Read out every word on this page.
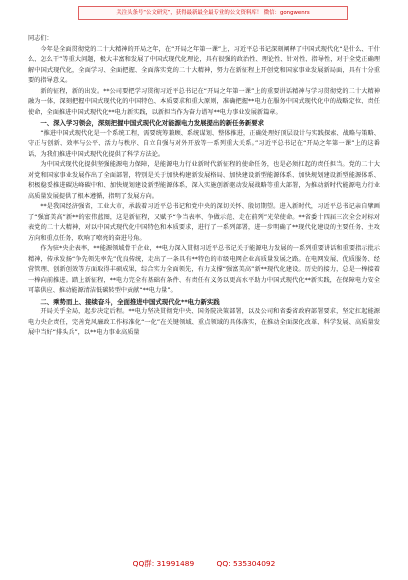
关注头条号“公文研究”，获得最新最全最专业的公文资料库！ 微信：gongwenrs
同志们：
今年是全面贯彻党的二十大精神的开局之年，在“开局之年第一课”上，习近平总书记深刻阐释了中国式现代化“是什么、干什么、怎么干”等重大问题，极大丰富和发展了中国式现代化理论，具有很强的政治性、理论性、针对性、指导性，对于全党正确理解中国式现代化，全面学习、全面把握、全面落实党的二十大精神，努力在新征程上开创党和国家事业发展新局面，具有十分重要的指导意义。
新的征程，新的出发。**公司要把学习贯彻习近平总书记在“开局之年第一课”上的重要讲话精神与学习贯彻党的二十大精神融为一体，深刻把握中国式现代化的中国特色、本质要求和重大原则，准确把握**电力在服务中国式现代化中的战略定位、责任使命，全面推进中国式现代化**电力新实践，以新担当作为奋力谱写**电力事业发展新篇章。
一、深入学习领会，深刻把握中国式现代化对能源电力发展提出的新任务新要求
“推进中国式现代化是一个系统工程，需要统筹兼顾、系统谋划、整体推进，正确处理好顶层设计与实践探索、战略与策略、守正与创新、效率与公平、活力与秩序、自立自强与对外开放等一系列重大关系。”习近平总书记在“开局之年第一课”上的这番话，为我们推进中国式现代化提供了科学方法论。
为中国式现代化提供坚强能源电力保障，是能源电力行业新时代新征程的使命任务，也是必须扛起的责任担当。党的二十大对党和国家事业发展作出了全面部署，特别是关于加快构建新发展格局、加快建设新型能源体系、加快规划建设新型能源体系、积极稳妥推进碳达峰碳中和、加快规划建设新型能源体系，深入实施创新驱动发展战略等重大部署，为推动新时代能源电力行业高质量发展提供了根本遵循，指明了发展方向。
**是我国经济强省，工业大市，承载着习近平总书记和党中央的深切关怀、殷切期望。进入新时代，习近平总书记亲自擘画了“强富美高”新**的宏伟蓝图，这是新征程，又赋予“争当表率、争做示范、走在前列”光荣使命。**省委十四届三次全会对标对表党的二十大精神，对以中国式现代化中国特色和本质要求，进行了一系列部署，进一步明确了**现代化建设的主要任务、主攻方向和重点任务，吹响了嘹亮的奋进号角。
作为驻*央企表率，**能源领域骨干企业，**电力深入贯彻习近平总书记关于能源电力发展的一系列重要讲话和重要指示批示精神，传承发扬“争先领先率先”优良传统，走出了一条具有**特色的市级电网企业高质量发展之路。在电网发展、优质服务、经营管理、创新创效等方面取得丰硕成果，综合实力全面领先，有力支撑“强富美高”新**现代化建设。历史的接力，总是一棒接着一棒向前推进。踏上新征程，**电力完全有基础有条件、有责任有义务以更高水平助力中国式现代化**新实践，在保障电力安全可靠供应、推动能源清洁低碳转型中贡献“**电力量”。
二、乘势而上、接续奋斗，全面推进中国式现代化**电力新实践
开局关乎全局，起步决定后程。**电力坚决贯彻党中央、国务院决策部署，以及公司和省委省政府部署要求，坚定扛起能源电力央企责任，完善党风廉政工作标准化“一化”在关键领域、重点领域的具体落实，在推动全面深化改革、科学发展、高质量发展中当好“排头兵”，以**电力事业高质量
QQ群: 31991489	QQ: 535304092
